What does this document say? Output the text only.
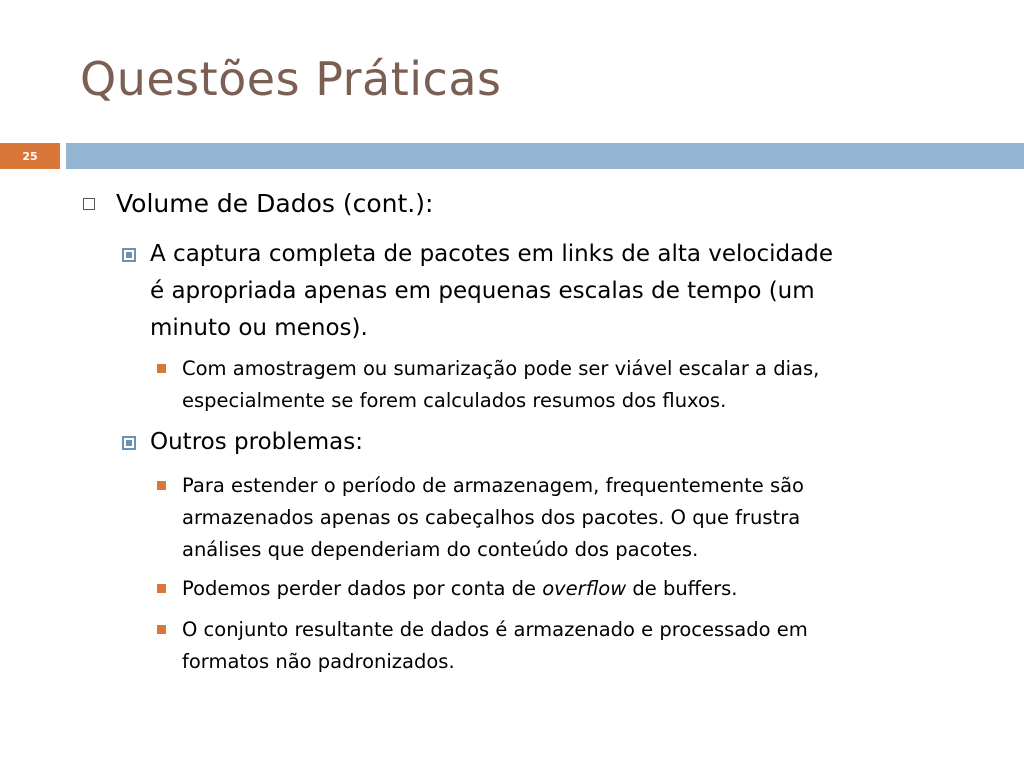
Questões Práticas
25
Volume de Dados (cont.):
A captura completa de pacotes em links de alta velocidade
é apropriada apenas em pequenas escalas de tempo (um
minuto ou menos).
Com amostragem ou sumarização pode ser viável escalar a dias,
especialmente se forem calculados resumos dos fluxos.
Outros problemas:
Para estender o período de armazenagem, frequentemente são
armazenados apenas os cabeçalhos dos pacotes. O que frustra
análises que dependeriam do conteúdo dos pacotes.
Podemos perder dados por conta de overflow de buffers.
O conjunto resultante de dados é armazenado e processado em
formatos não padronizados.
